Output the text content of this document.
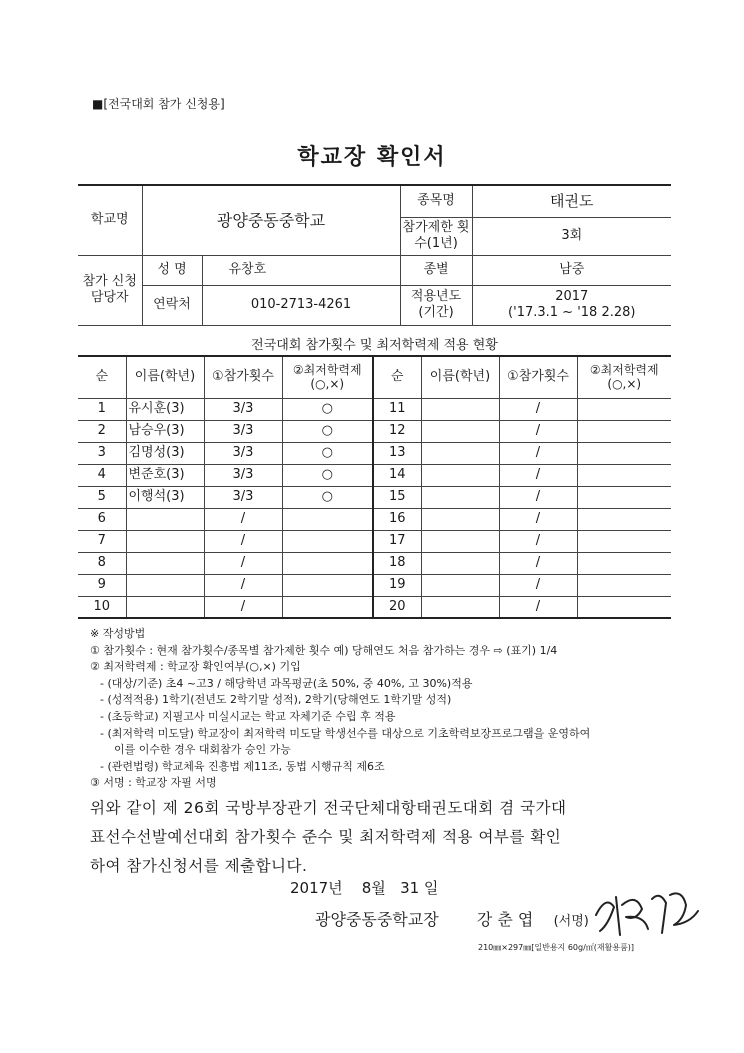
■[전국대회 참가 신청용]
학교장 확인서
학교명	광양중동중학교		종목명	태권도
			참가제한 횟수(1년)	3회
참가 신청 담당자	성 명	유창호	종별	남중
	연락처	010-2713-4261	적용년도 (기간)	2017
('17.3.1 ~ '18 2.28)
전국대회 참가횟수 및 최저학력제 적용 현황
순	이름(학년)	①참가횟수	②최저학력제 (○,×)	순	이름(학년)	①참가횟수	②최저학력제 (○,×)
1	유시훈(3)	3/3	○	11		/	
2	남승우(3)	3/3	○	12		/	
3	김명성(3)	3/3	○	13		/	
4	변준호(3)	3/3	○	14		/	
5	이행석(3)	3/3	○	15		/	
6		/		16		/	
7		/		17		/	
8		/		18		/	
9		/		19		/	
10		/		20		/	
※ 작성방법
① 참가횟수 : 현재 참가횟수/종목별 참가제한 횟수 예) 당해연도 처음 참가하는 경우 ⇨ (표기) 1/4
② 최저학력제 : 학교장 확인여부(○,×) 기입
- (대상/기준) 초4 ~고3 / 해당학년 과목평균(초 50%, 중 40%, 고 30%)적용
- (성적적용) 1학기(전년도 2학기말 성적), 2학기(당해연도 1학기말 성적)
- (초등학교) 지필고사 미실시교는 학교 자체기준 수립 후 적용
- (최저학력 미도달) 학교장이 최저학력 미도달 학생선수를 대상으로 기초학력보장프로그램을 운영하여
이를 이수한 경우 대회참가 승인 가능
- (관련법령) 학교체육 진흥법 제11조, 동법 시행규칙 제6조
③ 서명 : 학교장 자필 서명
위와 같이 제 26회 국방부장관기 전국단체대항태권도대회 겸 국가대
표선수선발예선대회 참가횟수 준수 및 최저학력제 적용 여부를 확인
하여 참가신청서를 제출합니다.
2017년    8월   31 일
광양중동중학교장 강 춘 엽 (서명)
210㎜×297㎜[일반용지 60g/㎡(재활용품)]
